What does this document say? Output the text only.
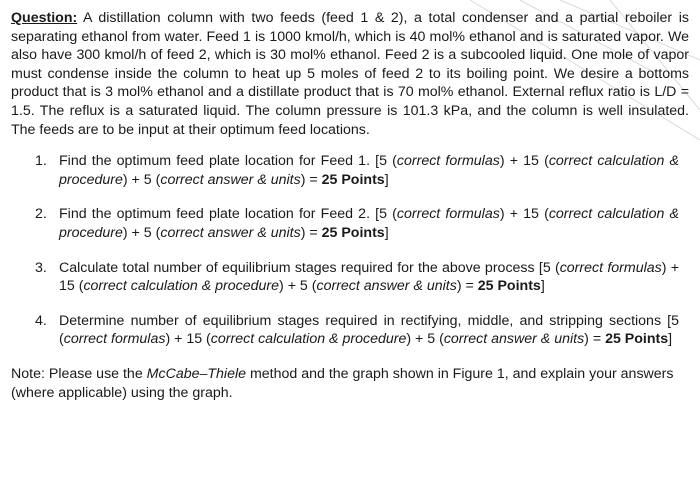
Question: A distillation column with two feeds (feed 1 & 2), a total condenser and a partial reboiler is separating ethanol from water. Feed 1 is 1000 kmol/h, which is 40 mol% ethanol and is saturated vapor. We also have 300 kmol/h of feed 2, which is 30 mol% ethanol. Feed 2 is a subcooled liquid. One mole of vapor must condense inside the column to heat up 5 moles of feed 2 to its boiling point. We desire a bottoms product that is 3 mol% ethanol and a distillate product that is 70 mol% ethanol. External reflux ratio is L/D = 1.5. The reflux is a saturated liquid. The column pressure is 101.3 kPa, and the column is well insulated. The feeds are to be input at their optimum feed locations.

1. Find the optimum feed plate location for Feed 1. [5 (correct formulas) + 15 (correct calculation & procedure) + 5 (correct answer & units) = 25 Points]
2. Find the optimum feed plate location for Feed 2. [5 (correct formulas) + 15 (correct calculation & procedure) + 5 (correct answer & units) = 25 Points]
3. Calculate total number of equilibrium stages required for the above process [5 (correct formulas) + 15 (correct calculation & procedure) + 5 (correct answer & units) = 25 Points]
4. Determine number of equilibrium stages required in rectifying, middle, and stripping sections [5 (correct formulas) + 15 (correct calculation & procedure) + 5 (correct answer & units) = 25 Points]

Note: Please use the McCabe–Thiele method and the graph shown in Figure 1, and explain your answers (where applicable) using the graph.
